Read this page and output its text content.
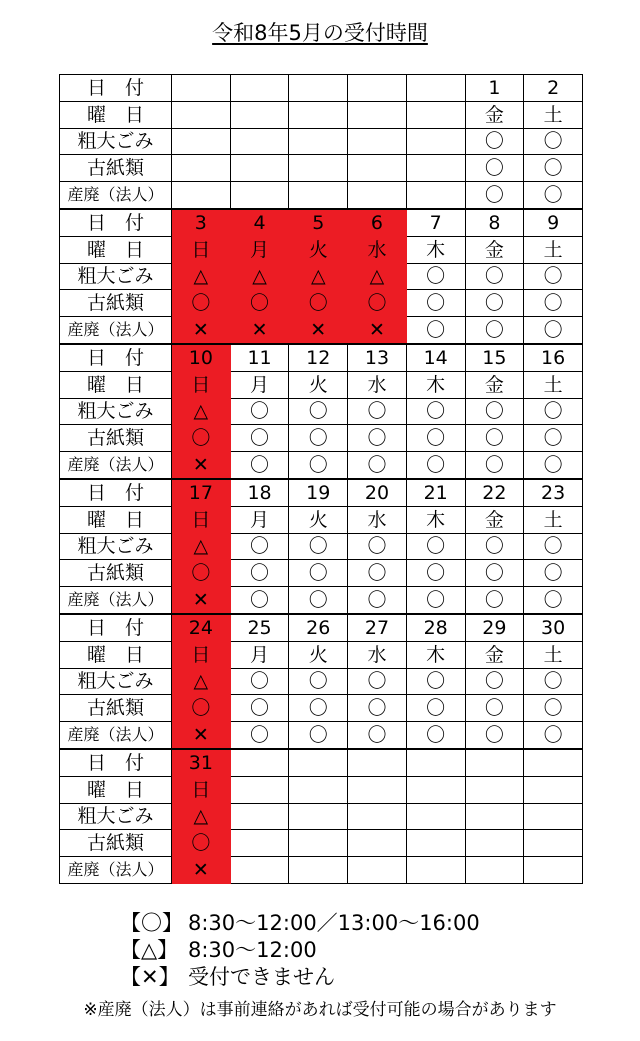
令和8年5月の受付時間
日　付						1	2
曜　日						金	土
粗大ごみ						〇	〇
古紙類						〇	〇
産廃（法人）						〇	〇
日　付	3	4	5	6	7	8	9
曜　日	日	月	火	水	木	金	土
粗大ごみ	△	△	△	△	〇	〇	〇
古紙類	〇	〇	〇	〇	〇	〇	〇
産廃（法人）	✕	✕	✕	✕	〇	〇	〇
日　付	10	11	12	13	14	15	16
曜　日	日	月	火	水	木	金	土
粗大ごみ	△	〇	〇	〇	〇	〇	〇
古紙類	〇	〇	〇	〇	〇	〇	〇
産廃（法人）	✕	〇	〇	〇	〇	〇	〇
日　付	17	18	19	20	21	22	23
曜　日	日	月	火	水	木	金	土
粗大ごみ	△	〇	〇	〇	〇	〇	〇
古紙類	〇	〇	〇	〇	〇	〇	〇
産廃（法人）	✕	〇	〇	〇	〇	〇	〇
日　付	24	25	26	27	28	29	30
曜　日	日	月	火	水	木	金	土
粗大ごみ	△	〇	〇	〇	〇	〇	〇
古紙類	〇	〇	〇	〇	〇	〇	〇
産廃（法人）	✕	〇	〇	〇	〇	〇	〇
日　付	31						
曜　日	日						
粗大ごみ	△						
古紙類	〇						
産廃（法人）	✕						
【〇】 8:30～12:00／13:00～16:00
【△】 8:30～12:00
【✕】 受付できません
※産廃（法人）は事前連絡があれば受付可能の場合があります
